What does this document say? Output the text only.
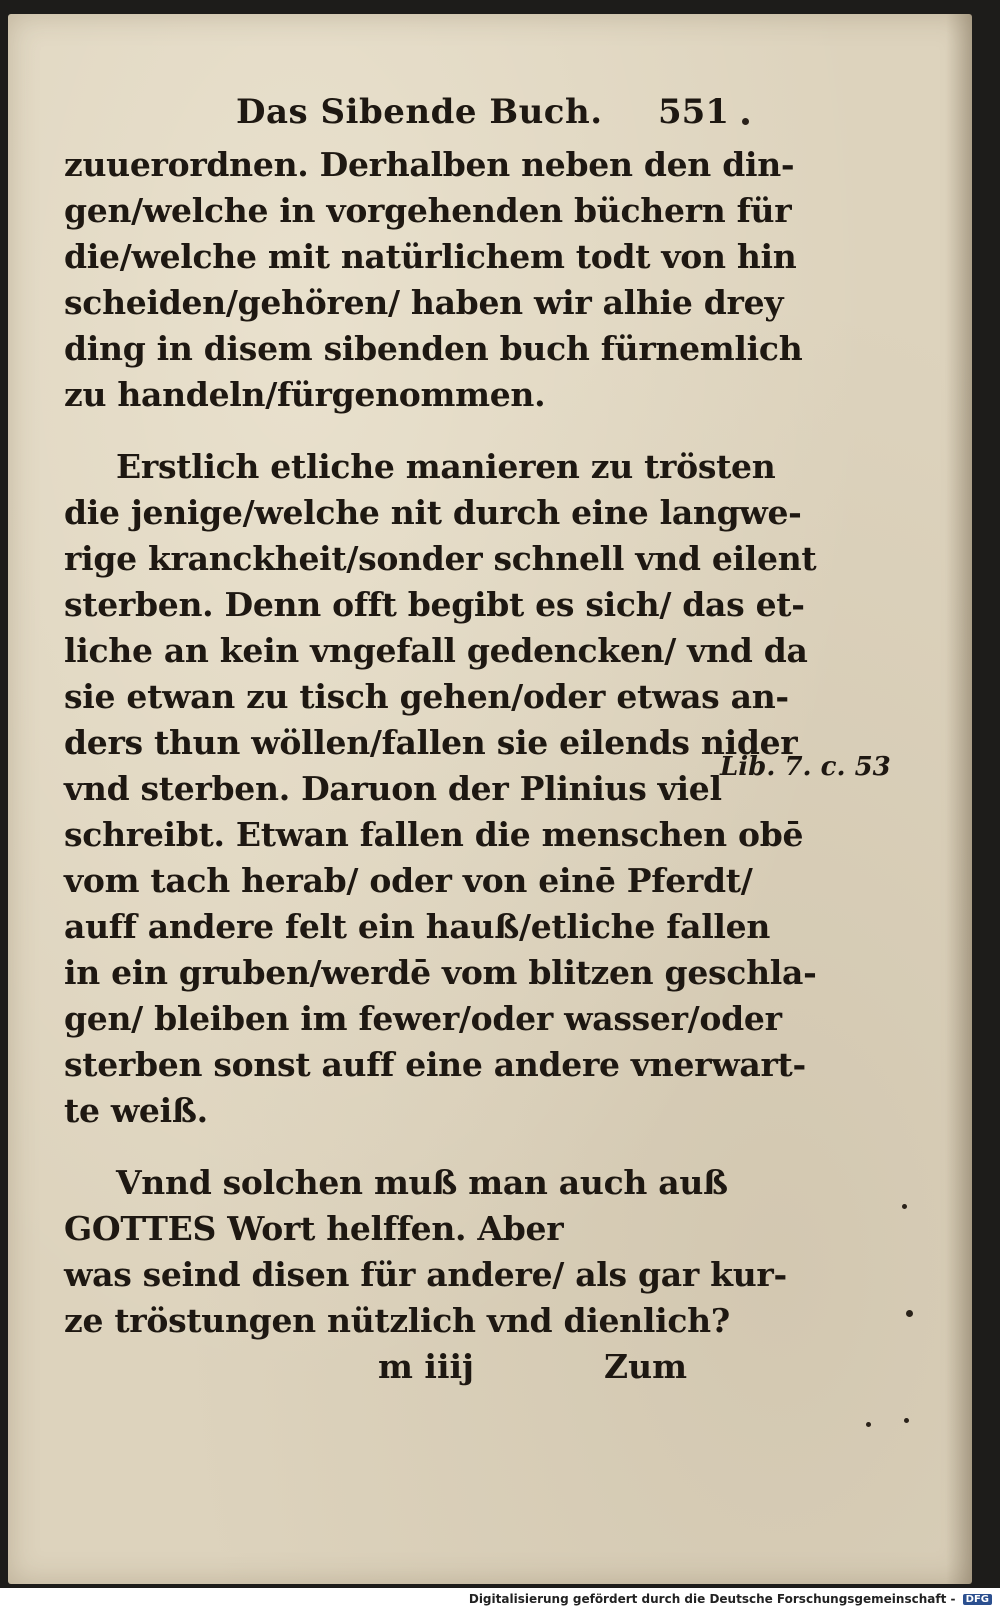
Das Sibende Buch. 551
zuuerordnen. Derhalben neben den din-
gen/welche in vorgehenden büchern für
die/welche mit natürlichem todt von hin
scheiden/gehören/ haben wir alhie drey
ding in disem sibenden buch fürnemlich
zu handeln/fürgenommen.
Erstlich etliche manieren zu trösten
die jenige/welche nit durch eine langwe-
rige kranckheit/sonder schnell vnd eilent
sterben. Denn offt begibt es sich/ das et-
liche an kein vngefall gedencken/ vnd da
sie etwan zu tisch gehen/oder etwas an-
ders thun wöllen/fallen sie eilends nider
vnd sterben. Daruon der Plinius viel
schreibt. Etwan fallen die menschen obē
vom tach herab/ oder von einē Pferdt/
auff andere felt ein hauß/etliche fallen
in ein gruben/werdē vom blitzen geschla-
gen/ bleiben im fewer/oder wasser/oder
sterben sonst auff eine andere vnerwart-
te weiß.
Vnnd solchen muß man auch auß
GOTTES Wort helffen. Aber
was seind disen für andere/ als gar kur-
ze tröstungen nützlich vnd dienlich?
m iiij	Zum
Lib. 7. c. 53
Digitalisierung gefördert durch die Deutsche Forschungsgemeinschaft - DFG
